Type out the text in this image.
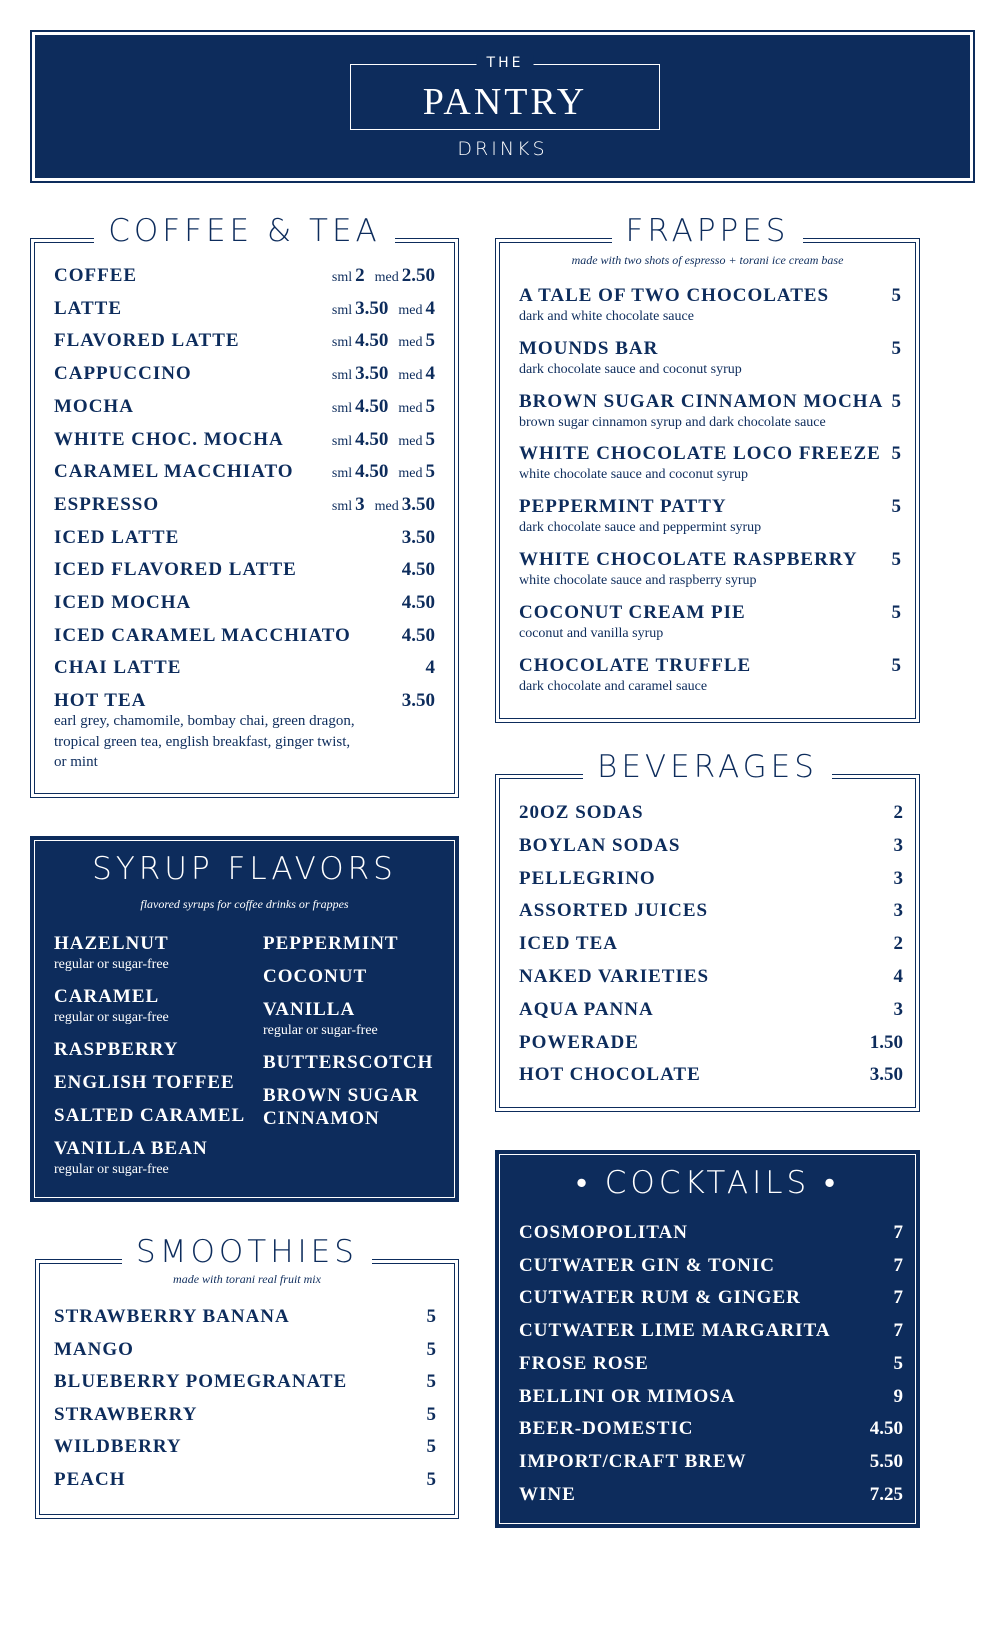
THE
PANTRY
DRINKS
COFFEE & TEA
COFFEE	sml 2 med 2.50
LATTE	sml 3.50 med 4
FLAVORED LATTE	sml 4.50 med 5
CAPPUCCINO	sml 3.50 med 4
MOCHA	sml 4.50 med 5
WHITE CHOC. MOCHA	sml 4.50 med 5
CARAMEL MACCHIATO	sml 4.50 med 5
ESPRESSO	sml 3 med 3.50
ICED LATTE	3.50
ICED FLAVORED LATTE	4.50
ICED MOCHA	4.50
ICED CARAMEL MACCHIATO	4.50
CHAI LATTE	4
HOT TEA	3.50
earl grey, chamomile, bombay chai, green dragon,
tropical green tea, english breakfast, ginger twist,
or mint
FRAPPES
made with two shots of espresso + torani ice cream base
A TALE OF TWO CHOCOLATES	5
dark and white chocolate sauce
MOUNDS BAR	5
dark chocolate sauce and coconut syrup
BROWN SUGAR CINNAMON MOCHA 5
brown sugar cinnamon syrup and dark chocolate sauce
WHITE CHOCOLATE LOCO FREEZE 5
white chocolate sauce and coconut syrup
PEPPERMINT PATTY	5
dark chocolate sauce and peppermint syrup
WHITE CHOCOLATE RASPBERRY 5
white chocolate sauce and raspberry syrup
COCONUT CREAM PIE	5
coconut and vanilla syrup
CHOCOLATE TRUFFLE	5
dark chocolate and caramel sauce
SYRUP FLAVORS
flavored syrups for coffee drinks or frappes
HAZELNUT
regular or sugar-free
CARAMEL
regular or sugar-free
RASPBERRY
ENGLISH TOFFEE
SALTED CARAMEL
VANILLA BEAN
regular or sugar-free
PEPPERMINT
COCONUT
VANILLA
regular or sugar-free
BUTTERSCOTCH
BROWN SUGAR
CINNAMON
BEVERAGES
20OZ SODAS	2
BOYLAN SODAS	3
PELLEGRINO	3
ASSORTED JUICES	3
ICED TEA	2
NAKED VARIETIES	4
AQUA PANNA	3
POWERADE	1.50
HOT CHOCOLATE	3.50
SMOOTHIES
made with torani real fruit mix
STRAWBERRY BANANA	5
MANGO	5
BLUEBERRY POMEGRANATE	5
STRAWBERRY	5
WILDBERRY	5
PEACH	5
• COCKTAILS •
COSMOPOLITAN	7
CUTWATER GIN & TONIC	7
CUTWATER RUM & GINGER	7
CUTWATER LIME MARGARITA	7
FROSE ROSE	5
BELLINI OR MIMOSA	9
BEER-DOMESTIC	4.50
IMPORT/CRAFT BREW	5.50
WINE	7.25
